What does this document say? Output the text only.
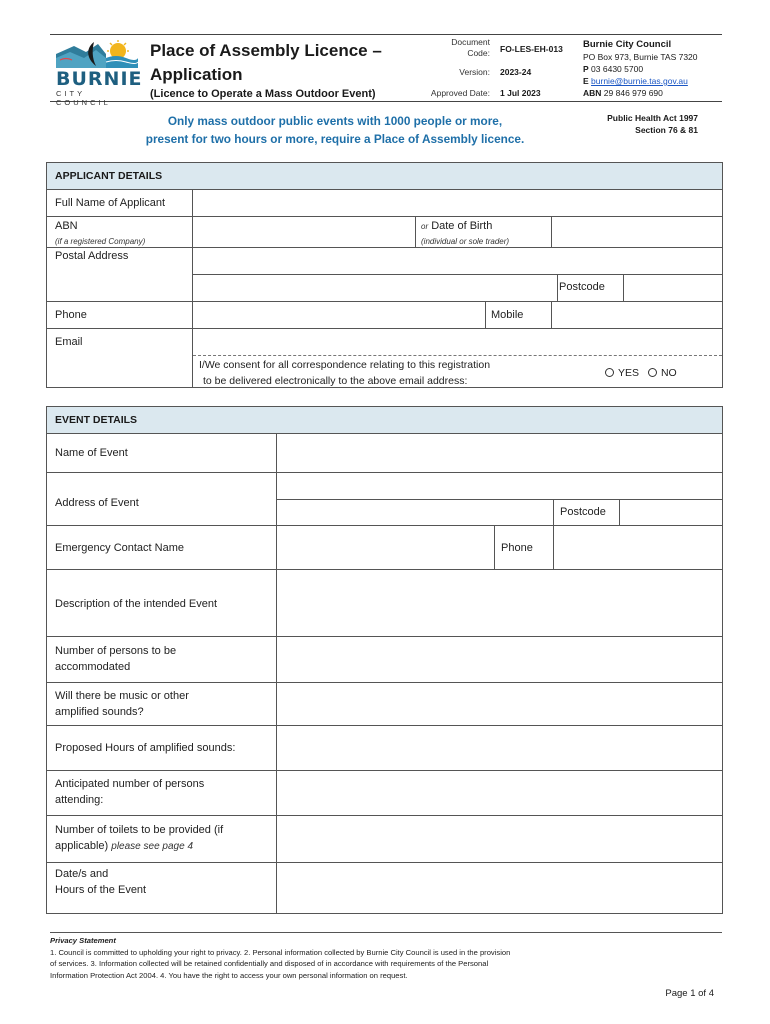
BURNIE
CITY COUNCIL
Place of Assembly Licence –
Application
(Licence to Operate a Mass Outdoor Event)
Document
Code: FO-LES-EH-013
Version: 2023-24
Approved Date: 1 Jul 2023
Burnie City Council
PO Box 973, Burnie TAS 7320
P 03 6430 5700
E burnie@burnie.tas.gov.au
ABN 29 846 979 690
Only mass outdoor public events with 1000 people or more,
present for two hours or more, require a Place of Assembly licence.
Public Health Act 1997
Section 76 & 81
APPLICANT DETAILS
Full Name of Applicant
ABN
(if a registered Company)
or Date of Birth
(individual or sole trader)
Postal Address
Postcode
Phone	Mobile
Email
I/We consent for all correspondence relating to this registration
to be delivered electronically to the above email address:
YES NO
EVENT DETAILS
Name of Event
Address of Event
Postcode
Emergency Contact Name	Phone
Description of the intended Event
Number of persons to be
accommodated
Will there be music or other
amplified sounds?
Proposed Hours of amplified sounds:
Anticipated number of persons
attending:
Number of toilets to be provided (if
applicable) please see page 4
Date/s and
Hours of the Event
Privacy Statement
1. Council is committed to upholding your right to privacy. 2. Personal information collected by Burnie City Council is used in the provision
of services. 3. Information collected will be retained confidentially and disposed of in accordance with requirements of the Personal
Information Protection Act 2004. 4. You have the right to access your own personal information on request.
Page 1 of 4
